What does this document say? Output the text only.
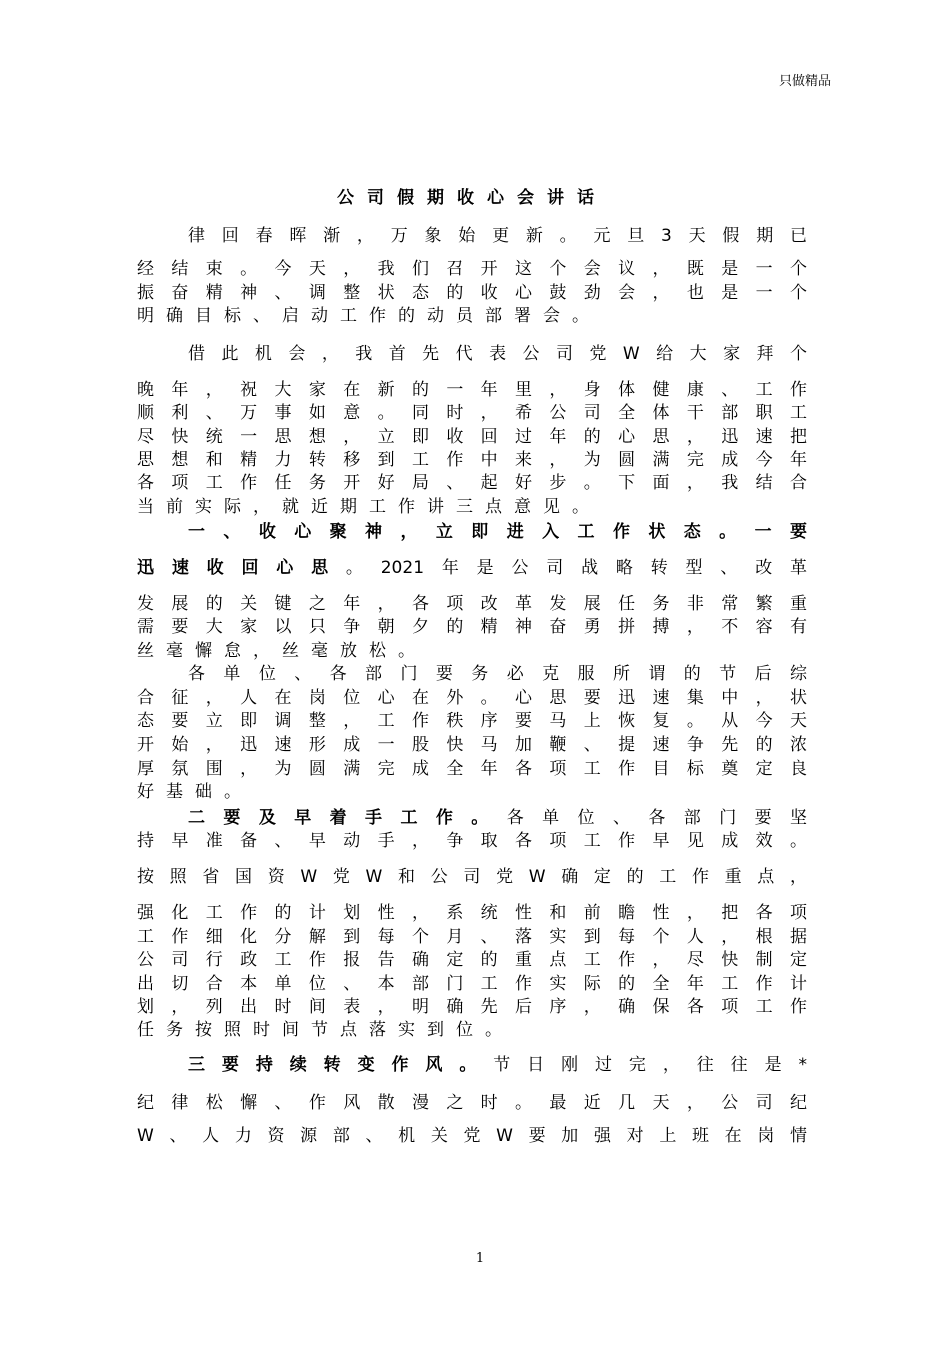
只做精品
公司假期收心会讲话
律回春晖渐，万象始更新。元旦3天假期已
经结束。今天，我们召开这个会议，既是一个
振奋精神、调整状态的收心鼓劲会，也是一个
明确目标、启动工作的动员部署会。
借此机会，我首先代表公司党W给大家拜个
晚年，祝大家在新的一年里，身体健康、工作
顺利、万事如意。同时，希公司全体干部职工
尽快统一思想，立即收回过年的心思，迅速把
思想和精力转移到工作中来，为圆满完成今年
各项工作任务开好局、起好步。下面，我结合
当前实际，就近期工作讲三点意见。
一、收心聚神，立即进入工作状态。一要
迅速收回心思。2021年是公司战略转型、改革
发展的关键之年，各项改革发展任务非常繁重
需要大家以只争朝夕的精神奋勇拼搏，不容有
丝毫懈怠，丝毫放松。
各单位、各部门要务必克服所谓的节后综
合征，人在岗位心在外。心思要迅速集中，状
态要立即调整，工作秩序要马上恢复。从今天
开始，迅速形成一股快马加鞭、提速争先的浓
厚氛围，为圆满完成全年各项工作目标奠定良
好基础。
二要及早着手工作。各单位、各部门要坚
持早准备、早动手，争取各项工作早见成效。
按照省国资W党W和公司党W确定的工作重点，
强化工作的计划性，系统性和前瞻性，把各项
工作细化分解到每个月、落实到每个人，根据
公司行政工作报告确定的重点工作，尽快制定
出切合本单位、本部门工作实际的全年工作计
划，列出时间表，明确先后序，确保各项工作
任务按照时间节点落实到位。
三要持续转变作风。节日刚过完，往往是*
纪律松懈、作风散漫之时。最近几天，公司纪
W、人力资源部、机关党W要加强对上班在岗情
1
